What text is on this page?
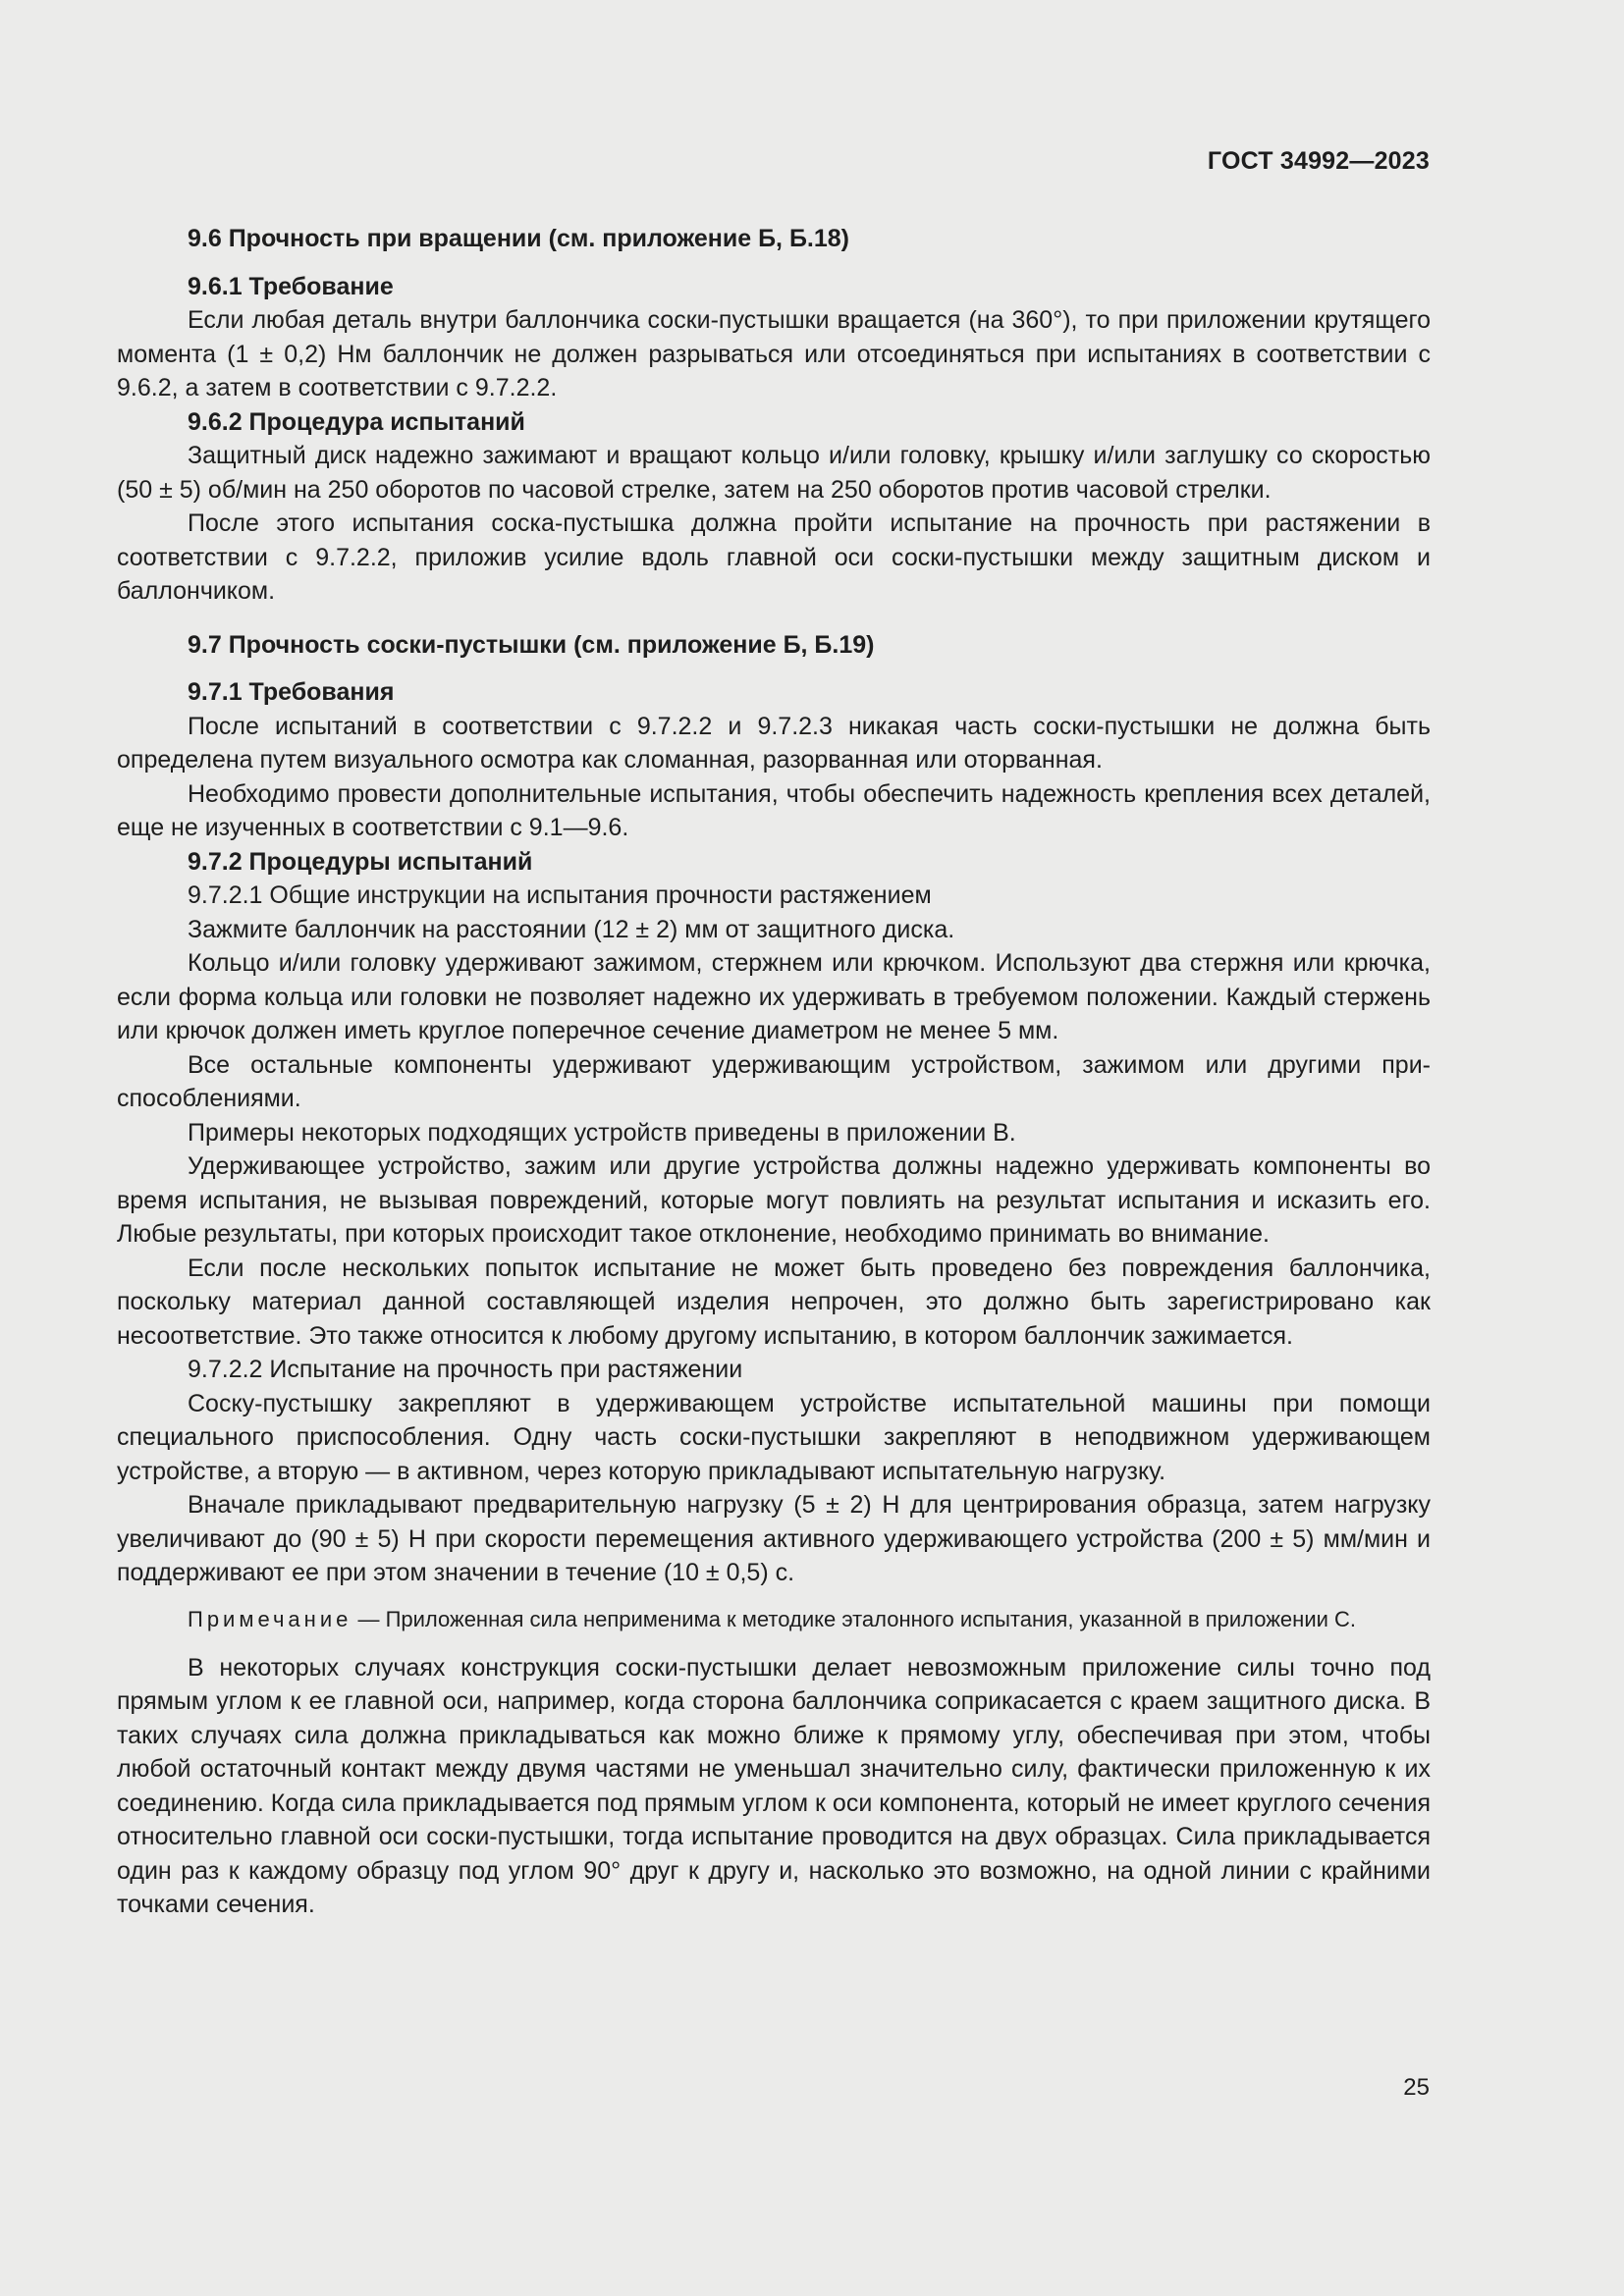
ГОСТ 34992—2023

9.6 Прочность при вращении (см. приложение Б, Б.18)

9.6.1 Требование

Если любая деталь внутри баллончика соски-пустышки вращается (на 360°), то при приложении крутящего момента (1 ± 0,2) Нм баллончик не должен разрываться или отсоединяться при испытаниях в соответствии с 9.6.2, а затем в соответствии с 9.7.2.2.

9.6.2 Процедура испытаний

Защитный диск надежно зажимают и вращают кольцо и/или головку, крышку и/или заглушку со скоростью (50 ± 5) об/мин на 250 оборотов по часовой стрелке, затем на 250 оборотов против часовой стрелки.

После этого испытания соска-пустышка должна пройти испытание на прочность при растяжении в соответствии с 9.7.2.2, приложив усилие вдоль главной оси соски-пустышки между защитным диском и баллончиком.

9.7 Прочность соски-пустышки (см. приложение Б, Б.19)

9.7.1 Требования

После испытаний в соответствии с 9.7.2.2 и 9.7.2.3 никакая часть соски-пустышки не должна быть определена путем визуального осмотра как сломанная, разорванная или оторванная.

Необходимо провести дополнительные испытания, чтобы обеспечить надежность крепления всех деталей, еще не изученных в соответствии с 9.1—9.6.

9.7.2 Процедуры испытаний

9.7.2.1 Общие инструкции на испытания прочности растяжением

Зажмите баллончик на расстоянии (12 ± 2) мм от защитного диска.

Кольцо и/или головку удерживают зажимом, стержнем или крючком. Используют два стержня или крючка, если форма кольца или головки не позволяет надежно их удерживать в требуемом положении. Каждый стержень или крючок должен иметь круглое поперечное сечение диаметром не менее 5 мм.

Все остальные компоненты удерживают удерживающим устройством, зажимом или другими приспособлениями.

Примеры некоторых подходящих устройств приведены в приложении В.

Удерживающее устройство, зажим или другие устройства должны надежно удерживать компоненты во время испытания, не вызывая повреждений, которые могут повлиять на результат испытания и исказить его. Любые результаты, при которых происходит такое отклонение, необходимо принимать во внимание.

Если после нескольких попыток испытание не может быть проведено без повреждения баллончика, поскольку материал данной составляющей изделия непрочен, это должно быть зарегистрировано как несоответствие. Это также относится к любому другому испытанию, в котором баллончик зажимается.

9.7.2.2 Испытание на прочность при растяжении

Соску-пустышку закрепляют в удерживающем устройстве испытательной машины при помощи специального приспособления. Одну часть соски-пустышки закрепляют в неподвижном удерживающем устройстве, а вторую — в активном, через которую прикладывают испытательную нагрузку.

Вначале прикладывают предварительную нагрузку (5 ± 2) Н для центрирования образца, затем нагрузку увеличивают до (90 ± 5) Н при скорости перемещения активного удерживающего устройства (200 ± 5) мм/мин и поддерживают ее при этом значении в течение (10 ± 0,5) с.

Примечание — Приложенная сила неприменима к методике эталонного испытания, указанной в приложении С.

В некоторых случаях конструкция соски-пустышки делает невозможным приложение силы точно под прямым углом к ее главной оси, например, когда сторона баллончика соприкасается с краем защитного диска. В таких случаях сила должна прикладываться как можно ближе к прямому углу, обеспечивая при этом, чтобы любой остаточный контакт между двумя частями не уменьшал значительно силу, фактически приложенную к их соединению. Когда сила прикладывается под прямым углом к оси компонента, который не имеет круглого сечения относительно главной оси соски-пустышки, тогда испытание проводится на двух образцах. Сила прикладывается один раз к каждому образцу под углом 90° друг к другу и, насколько это возможно, на одной линии с крайними точками сечения.

25
